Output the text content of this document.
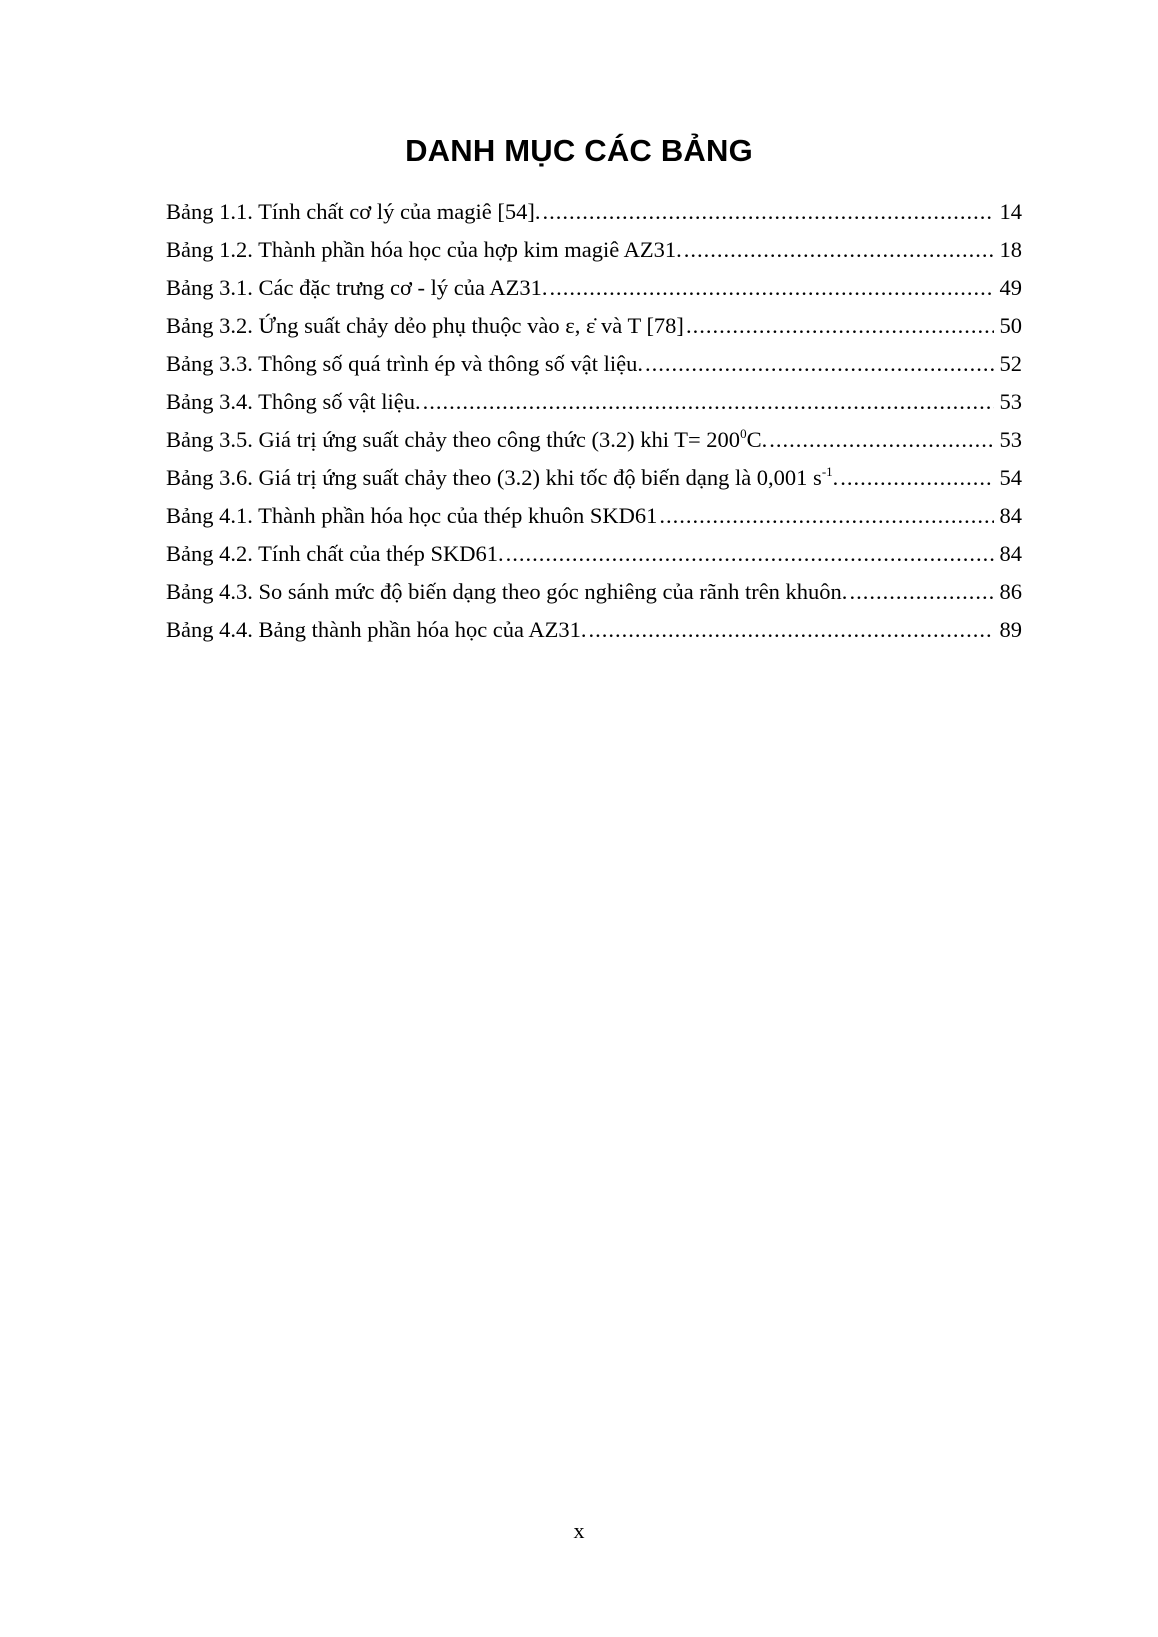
DANH MỤC CÁC BẢNG
Bảng 1.1. Tính chất cơ lý của magiê [54]. .....	14
Bảng 1.2. Thành phần hóa học của hợp kim magiê AZ31. .....	18
Bảng 3.1. Các đặc trưng cơ - lý của AZ31. .....	49
Bảng 3.2. Ứng suất chảy dẻo phụ thuộc vào ε, ε̇ và T [78] .....	50
Bảng 3.3. Thông số quá trình ép và thông số vật liệu. .....	52
Bảng 3.4. Thông số vật liệu. .....	53
Bảng 3.5. Giá trị ứng suất chảy theo công thức (3.2) khi $T= 200^0C$. .....	53
Bảng 3.6. Giá trị ứng suất chảy theo (3.2) khi tốc độ biến dạng là 0,001 $s^{-1}$. .....	54
Bảng 4.1. Thành phần hóa học của thép khuôn SKD61 .....	84
Bảng 4.2. Tính chất của thép SKD61. .....	84
Bảng 4.3. So sánh mức độ biến dạng theo góc nghiêng của rãnh trên khuôn. .....	86
Bảng 4.4. Bảng thành phần hóa học của AZ31. .....	89
x
